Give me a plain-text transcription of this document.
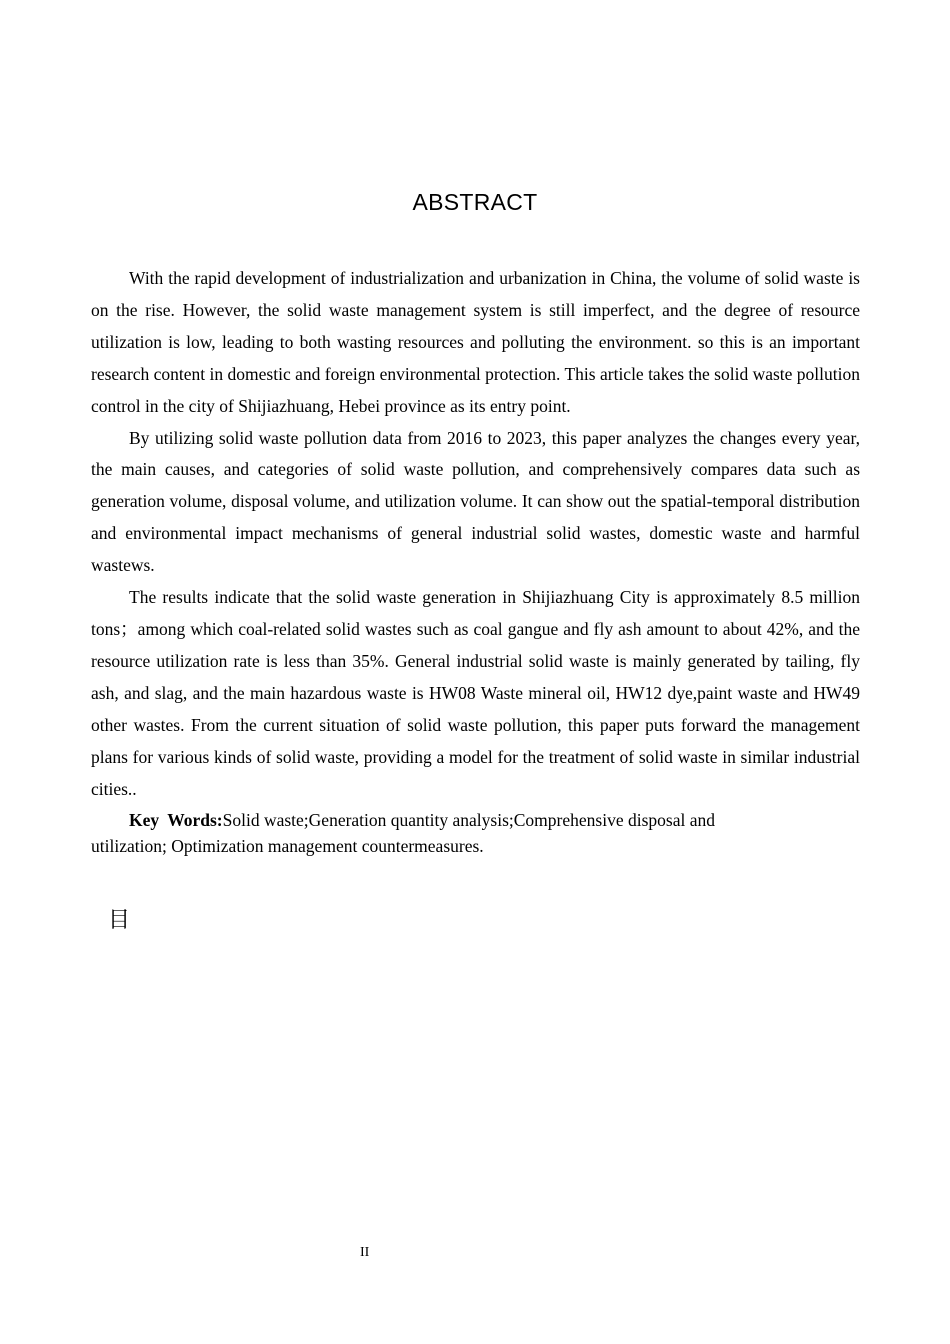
ABSTRACT

With the rapid development of industrialization and urbanization in China, the volume of solid waste is on the rise. However, the solid waste management system is still imperfect, and the degree of resource utilization is low, leading to both wasting resources and polluting the environment. so this is an important research content in domestic and foreign environmental protection. This article takes the solid waste pollution control in the city of Shijiazhuang, Hebei province as its entry point.

By utilizing solid waste pollution data from 2016 to 2023, this paper analyzes the changes every year, the main causes, and categories of solid waste pollution, and comprehensively compares data such as generation volume, disposal volume, and utilization volume. It can show out the spatial-temporal distribution and environmental impact mechanisms of general industrial solid wastes, domestic waste and harmful wastews.

The results indicate that the solid waste generation in Shijiazhuang City is approximately 8.5 million tons；among which coal-related solid wastes such as coal gangue and fly ash amount to about 42%, and the resource utilization rate is less than 35%. General industrial solid waste is mainly generated by tailing, fly ash, and slag, and the main hazardous waste is HW08 Waste mineral oil, HW12 dye,paint waste and HW49 other wastes. From the current situation of solid waste pollution, this paper puts forward the management plans for various kinds of solid waste, providing a model for the treatment of solid waste in similar industrial cities..

Key Words:Solid waste;Generation quantity analysis;Comprehensive disposal and utilization; Optimization management countermeasures.

目
II
